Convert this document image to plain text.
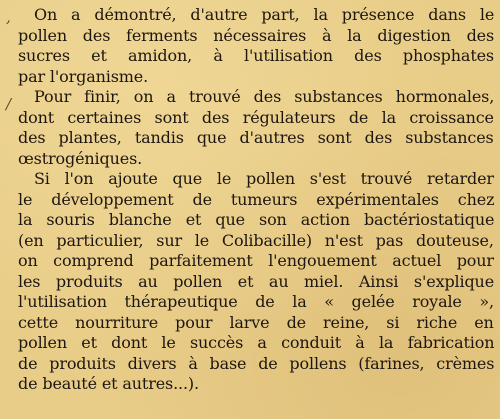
,
/

On a démontré, d'autre part, la présence dans le
pollen des ferments nécessaires à la digestion des
sucres et amidon, à l'utilisation des phosphates
par l'organisme.

Pour finir, on a trouvé des substances hormonales,
dont certaines sont des régulateurs de la croissance
des plantes, tandis que d'autres sont des substances
œstrogéniques.

Si l'on ajoute que le pollen s'est trouvé retarder
le développement de tumeurs expérimentales chez
la souris blanche et que son action bactériostatique
(en particulier, sur le Colibacille) n'est pas douteuse,
on comprend parfaitement l'engouement actuel pour
les produits au pollen et au miel. Ainsi s'explique
l'utilisation thérapeutique de la « gelée royale »,
cette nourriture pour larve de reine, si riche en
pollen et dont le succès a conduit à la fabrication
de produits divers à base de pollens (farines, crèmes
de beauté et autres...).
